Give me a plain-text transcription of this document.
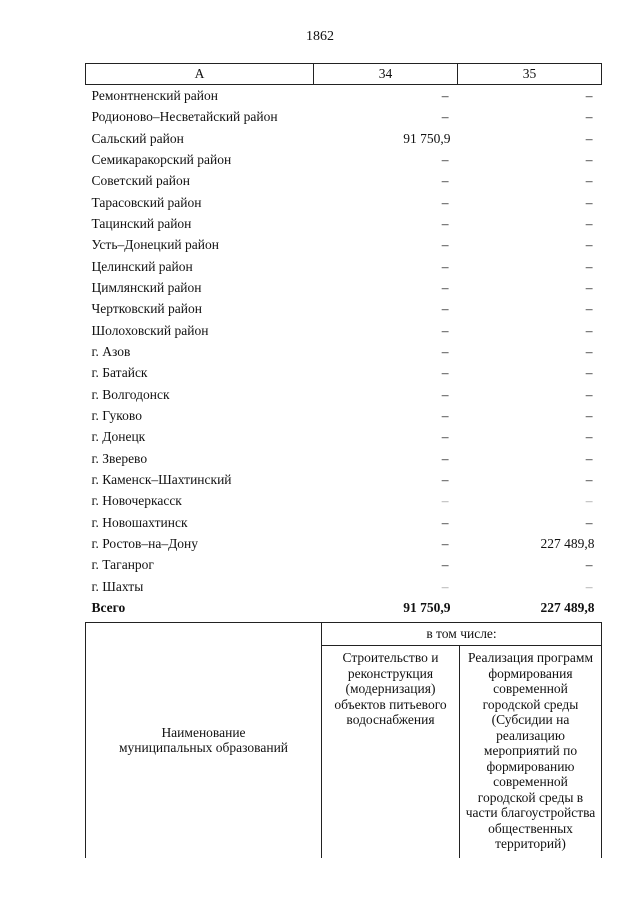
1862
А	34	35
Ремонтненский район	–	–
Родионово–Несветайский район	–	–
Сальский район	91 750,9	–
Семикаракорский район	–	–
Советский район	–	–
Тарасовский район	–	–
Тацинский район	–	–
Усть–Донецкий район	–	–
Целинский район	–	–
Цимлянский район	–	–
Чертковский район	–	–
Шолоховский район	–	–
г. Азов	–	–
г. Батайск	–	–
г. Волгодонск	–	–
г. Гуково	–	–
г. Донецк	–	–
г. Зверево	–	–
г. Каменск–Шахтинский	–	–
г. Новочеркасск	–	–
г. Новошахтинск	–	–
г. Ростов–на–Дону	–	227 489,8
г. Таганрог	–	–
г. Шахты	–	–
Всего	91 750,9	227 489,8
Наименование муниципальных образований	в том числе:	

	Строительство и реконструкция (модернизация) объектов питьевого водоснабжения	Реализация программ формирования современной городской среды (Субсидии на реализацию мероприятий по формированию современной городской среды в части благоустройства общественных территорий)
